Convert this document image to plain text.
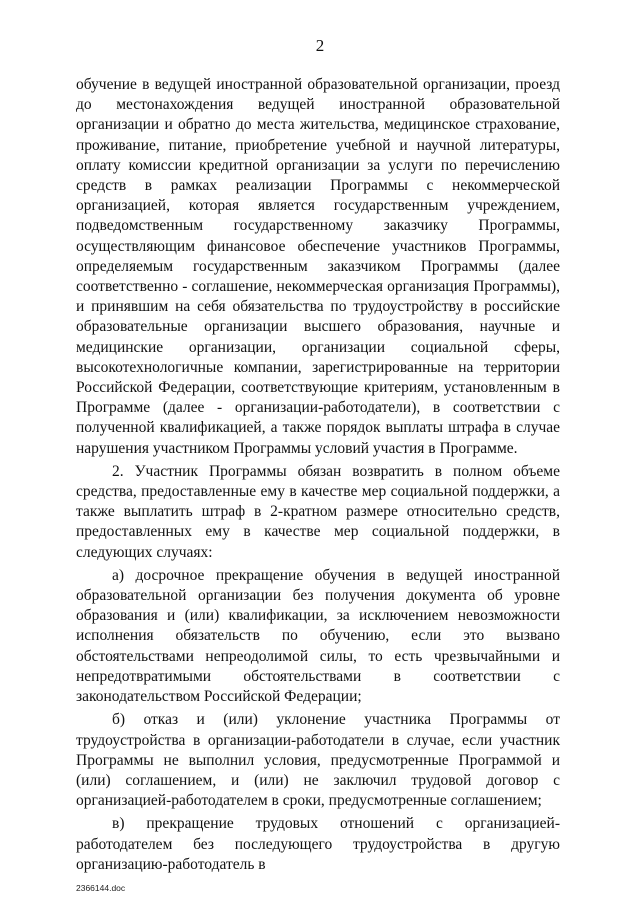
2

обучение в ведущей иностранной образовательной организации, проезд до местонахождения ведущей иностранной образовательной организации и обратно до места жительства, медицинское страхование, проживание, питание, приобретение учебной и научной литературы, оплату комиссии кредитной организации за услуги по перечислению средств в рамках реализации Программы с некоммерческой организацией, которая является государственным учреждением, подведомственным государственному заказчику Программы, осуществляющим финансовое обеспечение участников Программы, определяемым государственным заказчиком Программы (далее соответственно - соглашение, некоммерческая организация Программы), и принявшим на себя обязательства по трудоустройству в российские образовательные организации высшего образования, научные и медицинские организации, организации социальной сферы, высокотехнологичные компании, зарегистрированные на территории Российской Федерации, соответствующие критериям, установленным в Программе (далее - организации-работодатели), в соответствии с полученной квалификацией, а также порядок выплаты штрафа в случае нарушения участником Программы условий участия в Программе.

2. Участник Программы обязан возвратить в полном объеме средства, предоставленные ему в качестве мер социальной поддержки, а также выплатить штраф в 2-кратном размере относительно средств, предоставленных ему в качестве мер социальной поддержки, в следующих случаях:

а) досрочное прекращение обучения в ведущей иностранной образовательной организации без получения документа об уровне образования и (или) квалификации, за исключением невозможности исполнения обязательств по обучению, если это вызвано обстоятельствами непреодолимой силы, то есть чрезвычайными и непредотвратимыми обстоятельствами в соответствии с законодательством Российской Федерации;

б) отказ и (или) уклонение участника Программы от трудоустройства в организации-работодатели в случае, если участник Программы не выполнил условия, предусмотренные Программой и (или) соглашением, и (или) не заключил трудовой договор с организацией-работодателем в сроки, предусмотренные соглашением;

в) прекращение трудовых отношений с организацией-работодателем без последующего трудоустройства в другую организацию-работодатель в

2366144.doc
